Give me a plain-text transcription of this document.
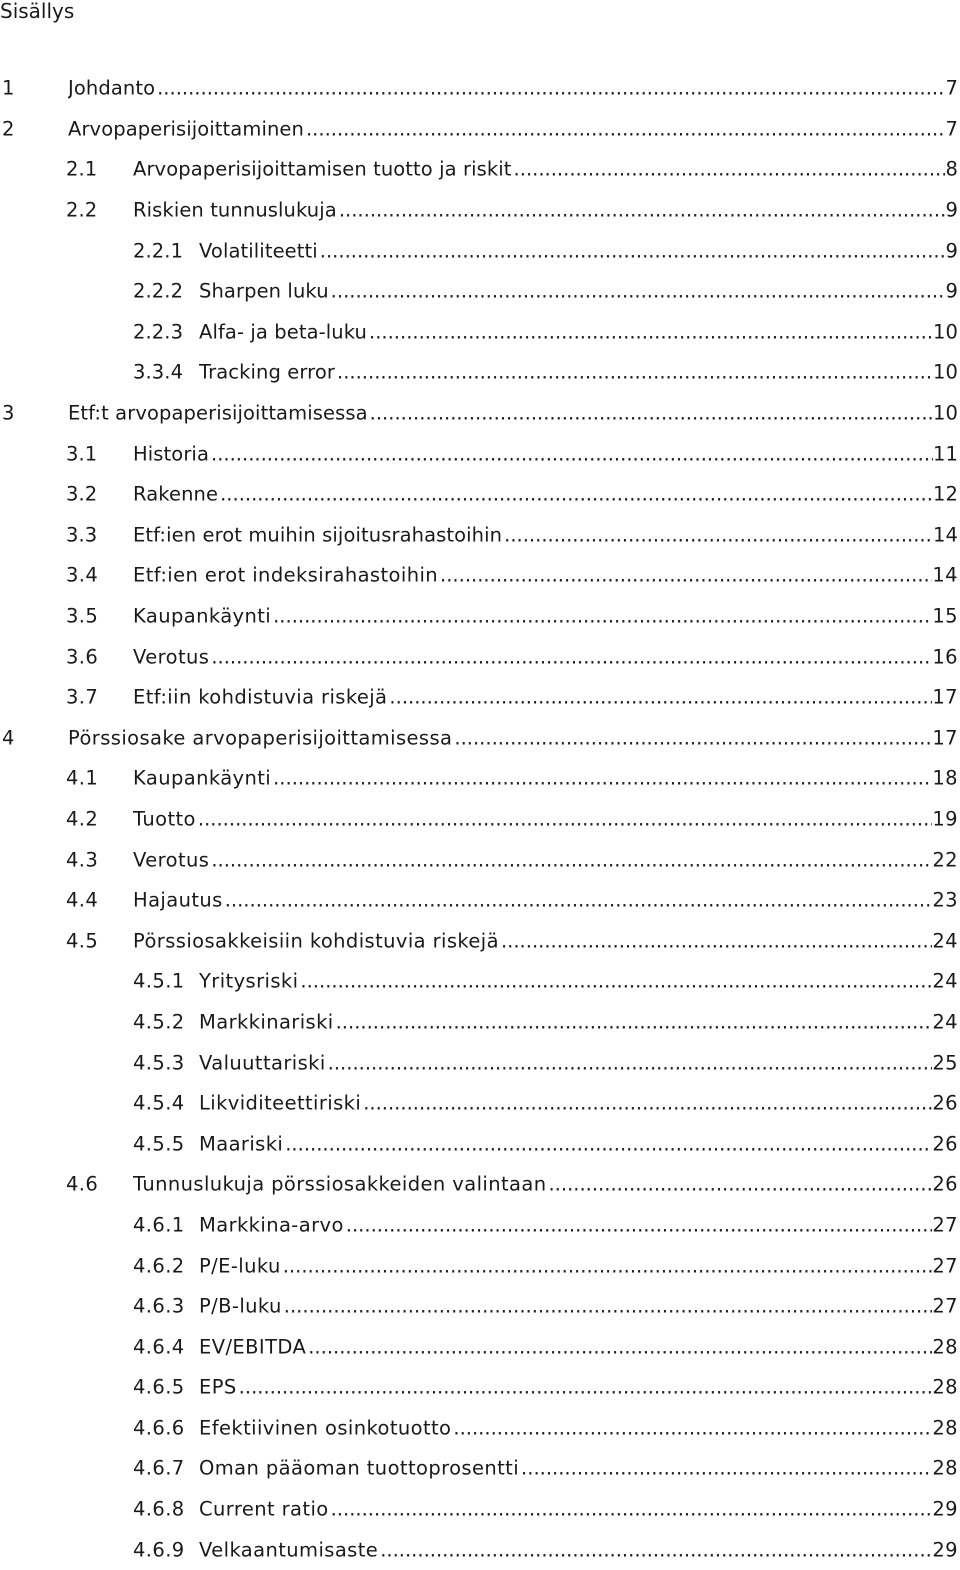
Sisällys
1	Johdanto .....	7
2	Arvopaperisijoittaminen .....	7
2.1 Arvopaperisijoittamisen tuotto ja riskit .....	8
2.2 Riskien tunnuslukuja .....	9
2.2.1 Volatiliteetti .....	9
2.2.2 Sharpen luku .....	9
2.2.3 Alfa- ja beta-luku .....	10
3.3.4 Tracking error .....	10
3	Etf:t arvopaperisijoittamisessa .....	10
3.1 Historia .....	11
3.2 Rakenne .....	12
3.3 Etf:ien erot muihin sijoitusrahastoihin .....	14
3.4 Etf:ien erot indeksirahastoihin .....	14
3.5 Kaupankäynti .....	15
3.6 Verotus .....	16
3.7 Etf:iin kohdistuvia riskejä .....	17
4	Pörssiosake arvopaperisijoittamisessa .....	17
4.1 Kaupankäynti .....	18
4.2 Tuotto .....	19
4.3 Verotus .....	22
4.4 Hajautus .....	23
4.5 Pörssiosakkeisiin kohdistuvia riskejä .....	24
4.5.1 Yritysriski .....	24
4.5.2 Markkinariski .....	24
4.5.3 Valuuttariski .....	25
4.5.4 Likviditeettiriski .....	26
4.5.5 Maariski .....	26
4.6 Tunnuslukuja pörssiosakkeiden valintaan .....	26
4.6.1 Markkina-arvo .....	27
4.6.2 P/E-luku .....	27
4.6.3 P/B-luku .....	27
4.6.4 EV/EBITDA .....	28
4.6.5 EPS .....	28
4.6.6 Efektiivinen osinkotuotto .....	28
4.6.7 Oman pääoman tuottoprosentti .....	28
4.6.8 Current ratio .....	29
4.6.9 Velkaantumisaste .....	29
